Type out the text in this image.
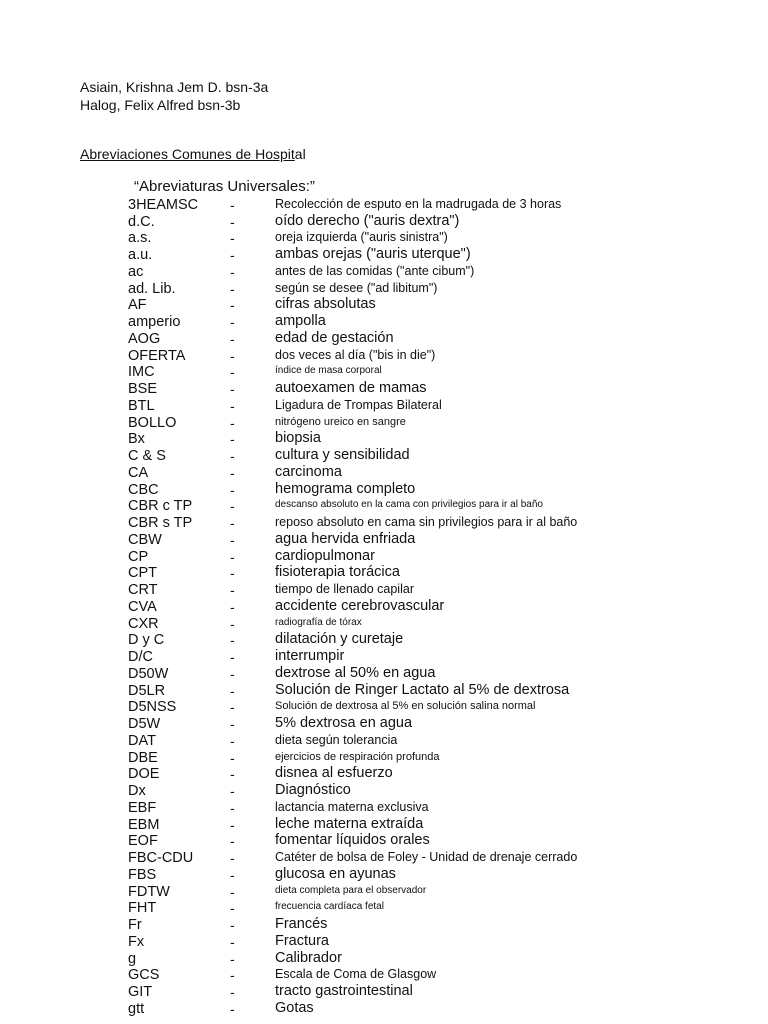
Asiain, Krishna Jem D. bsn-3a
Halog, Felix Alfred bsn-3b
Abreviaciones Comunes de Hospital
“Abreviaturas Universales:”
3HEAMSC -	Recolección de esputo en la madrugada de 3 horas
d.C.	-	oído derecho ("auris dextra")
a.s.	-	oreja izquierda ("auris sinistra")
a.u.	-	ambas orejas ("auris uterque")
ac	-	antes de las comidas ("ante cibum")
ad. Lib.	-	según se desee ("ad libitum")
AF	-	cifras absolutas
amperio	-	ampolla
AOG	-	edad de gestación
OFERTA	-	dos veces al día ("bis in die")
IMC	-	índice de masa corporal
BSE	-	autoexamen de mamas
BTL	-	Ligadura de Trompas Bilateral
BOLLO	-	nitrógeno ureico en sangre
Bx	-	biopsia
C & S	-	cultura y sensibilidad
CA	-	carcinoma
CBC	-	hemograma completo
CBR c TP	-	descanso absoluto en la cama con privilegios para ir al baño
CBR s TP	-	reposo absoluto en cama sin privilegios para ir al baño
CBW	-	agua hervida enfriada
CP	-	cardiopulmonar
CPT	-	fisioterapia torácica
CRT	-	tiempo de llenado capilar
CVA	-	accidente cerebrovascular
CXR	-	radiografía de tórax
D y C	-	dilatación y curetaje
D/C	-	interrumpir
D50W	-	dextrose al 50% en agua
D5LR	-	Solución de Ringer Lactato al 5% de dextrosa
D5NSS	-	Solución de dextrosa al 5% en solución salina normal
D5W	-	5% dextrosa en agua
DAT	-	dieta según tolerancia
DBE	-	ejercicios de respiración profunda
DOE	-	disnea al esfuerzo
Dx	-	Diagnóstico
EBF	-	lactancia materna exclusiva
EBM	-	leche materna extraída
EOF	-	fomentar líquidos orales
FBC-CDU	-	Catéter de bolsa de Foley - Unidad de drenaje cerrado
FBS	-	glucosa en ayunas
FDTW	-	dieta completa para el observador
FHT	-	frecuencia cardíaca fetal
Fr	-	Francés
Fx	-	Fractura
g	-	Calibrador
GCS	-	Escala de Coma de Glasgow
GIT	-	tracto gastrointestinal
gtt	-	Gotas
